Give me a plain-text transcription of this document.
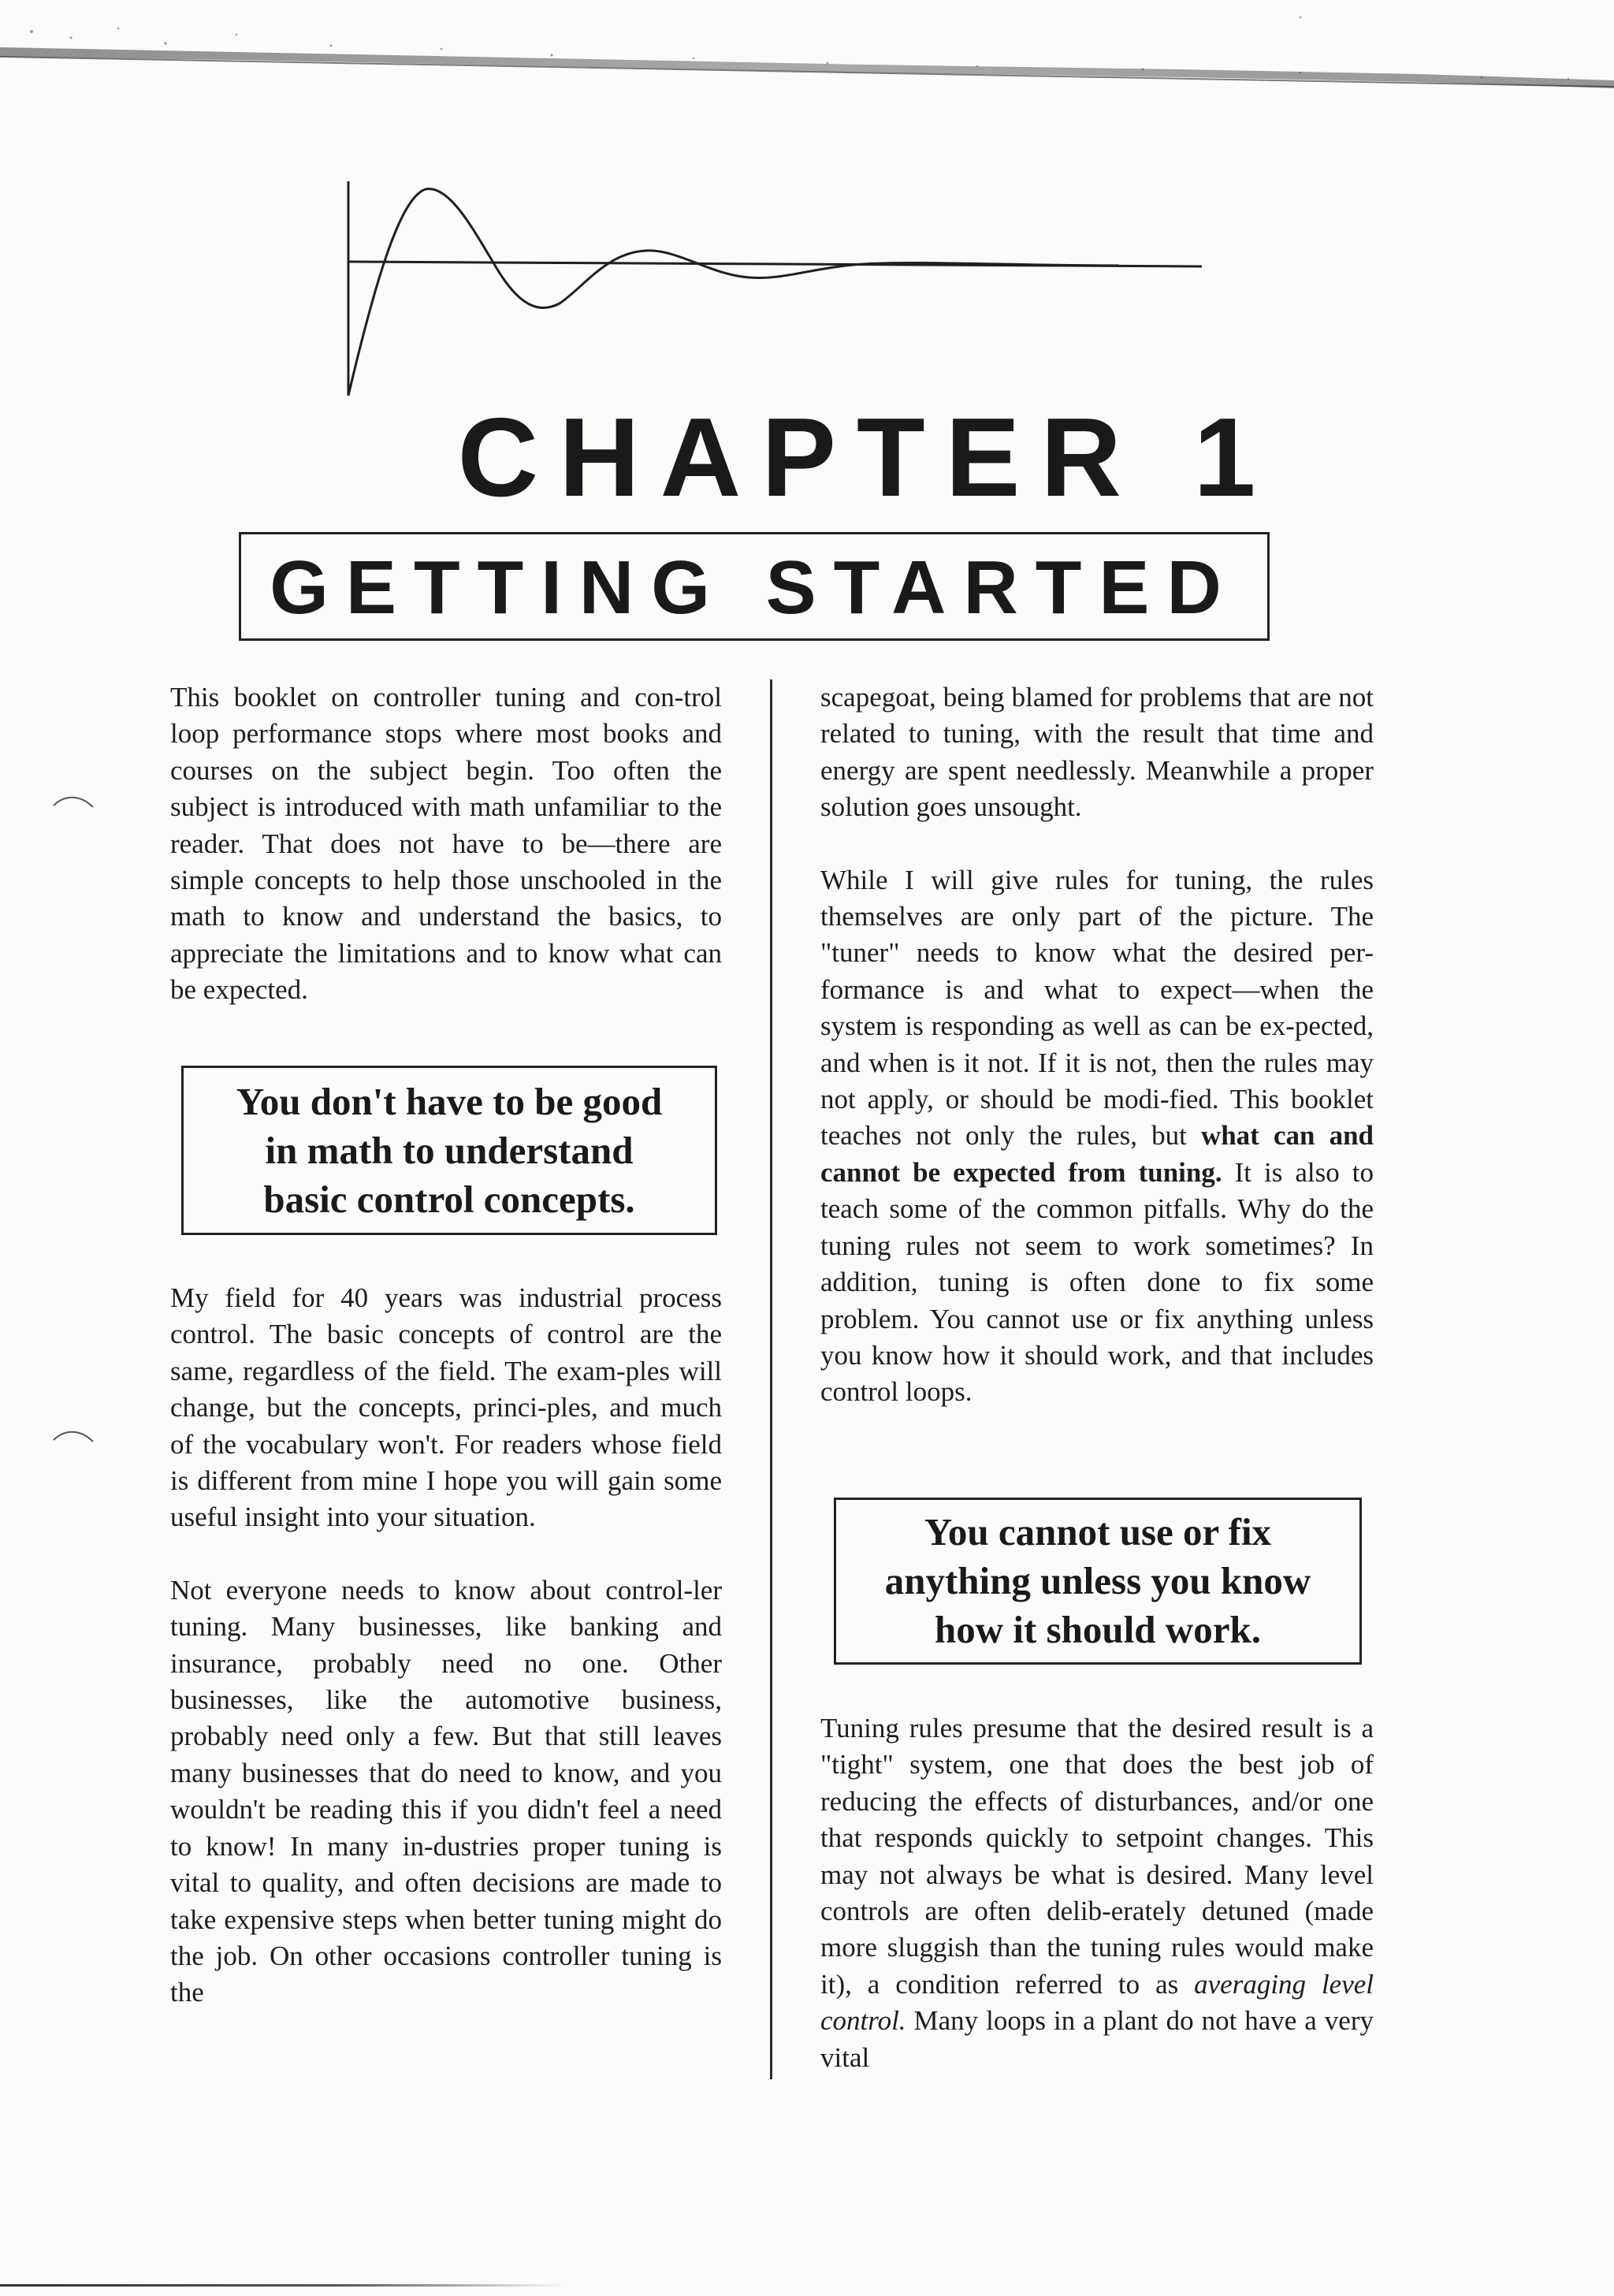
CHAPTER 1
GETTING STARTED

This booklet on controller tuning and con-trol loop performance stops where most books and courses on the subject begin. Too often the subject is introduced with math unfamiliar to the reader. That does not have to be—there are simple concepts to help those unschooled in the math to know and understand the basics, to appreciate the limitations and to know what can be expected.

You don't have to be good
in math to understand
basic control concepts.

My field for 40 years was industrial process control. The basic concepts of control are the same, regardless of the field. The exam-ples will change, but the concepts, princi-ples, and much of the vocabulary won't. For readers whose field is different from mine I hope you will gain some useful insight into your situation.

Not everyone needs to know about control-ler tuning. Many businesses, like banking and insurance, probably need no one. Other businesses, like the automotive business, probably need only a few. But that still leaves many businesses that do need to know, and you wouldn't be reading this if you didn't feel a need to know! In many in-dustries proper tuning is vital to quality, and often decisions are made to take expensive steps when better tuning might do the job. On other occasions controller tuning is the

scapegoat, being blamed for problems that are not related to tuning, with the result that time and energy are spent needlessly. Meanwhile a proper solution goes unsought.

While I will give rules for tuning, the rules themselves are only part of the picture. The "tuner" needs to know what the desired per-formance is and what to expect—when the system is responding as well as can be ex-pected, and when is it not. If it is not, then the rules may not apply, or should be modi-fied. This booklet teaches not only the rules, but what can and cannot be expected from tuning. It is also to teach some of the common pitfalls. Why do the tuning rules not seem to work sometimes? In addition, tuning is often done to fix some problem. You cannot use or fix anything unless you know how it should work, and that includes control loops.

You cannot use or fix
anything unless you know
how it should work.

Tuning rules presume that the desired result is a "tight" system, one that does the best job of reducing the effects of disturbances, and/or one that responds quickly to setpoint changes. This may not always be what is desired. Many level controls are often delib-erately detuned (made more sluggish than the tuning rules would make it), a condition referred to as averaging level control. Many loops in a plant do not have a very vital
